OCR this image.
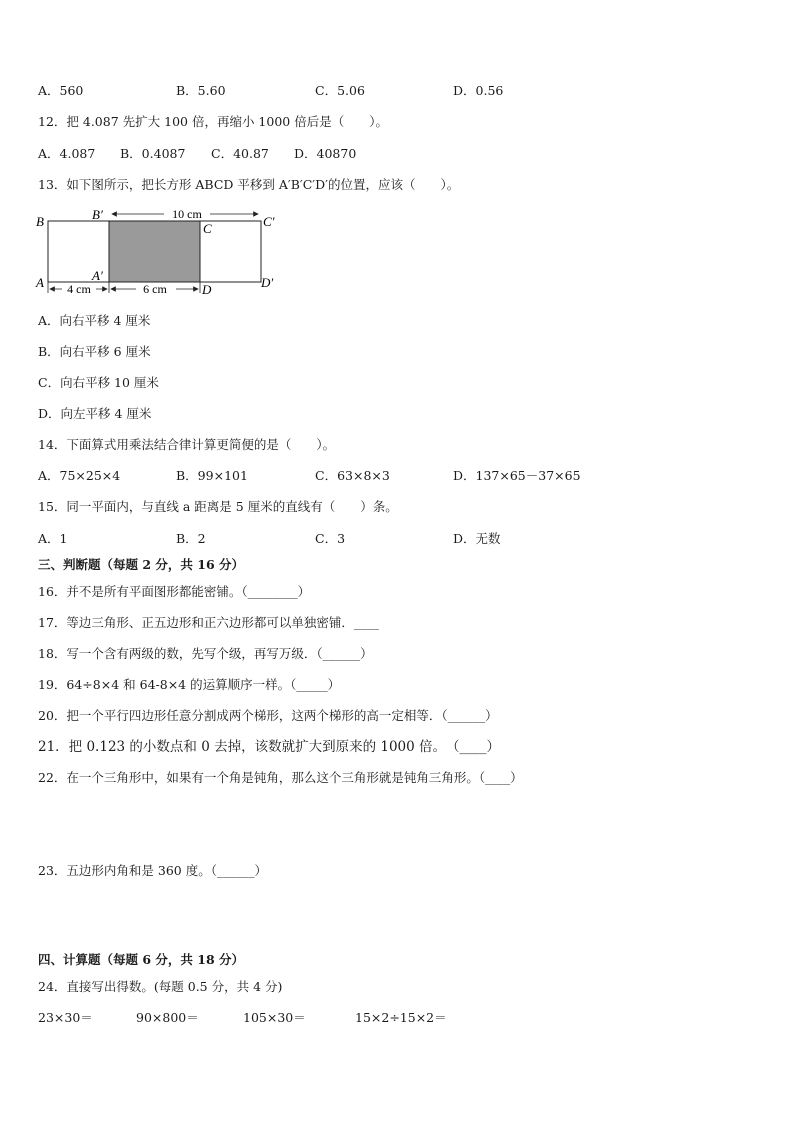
A．560	B．5.60	C．5.06	D．0.56
12．把 4.087 先扩大 100 倍，再缩小 1000 倍后是（　　）。
A．4.087 B．0.4087 C．40.87 D．40870
13．如下图所示，把长方形 ABCD 平移到 A′B′C′D′的位置，应该（　　）。
10 cm
4 cm	6 cm
B	B′
C	C′
A	A′
D	D′
A．向右平移 4 厘米
B．向右平移 6 厘米
C．向右平移 10 厘米
D．向左平移 4 厘米
14．下面算式用乘法结合律计算更简便的是（　　）。
A．75×25×4	B．99×101	C．63×8×3	D．137×65－37×65
15．同一平面内，与直线 a 距离是 5 厘米的直线有（　　）条。
A．1	B．2	C．3	D．无数
三、判断题（每题 2 分，共 16 分）
16．并不是所有平面图形都能密铺。（________）
17．等边三角形、正五边形和正六边形都可以单独密铺．____
18．写一个含有两级的数，先写个级，再写万级．（______）
19．64÷8×4 和 64-8×4 的运算顺序一样。（_____）
20．把一个平行四边形任意分割成两个梯形，这两个梯形的高一定相等．（______）
21．把 0.123 的小数点和 0 去掉，该数就扩大到原来的 1000 倍。　（____）
22．在一个三角形中，如果有一个角是钝角，那么这个三角形就是钝角三角形。（____）
23．五边形内角和是 360 度。（______）
四、计算题（每题 6 分，共 18 分）
24．直接写出得数。(每题 0.5 分，共 4 分)
23×30＝	90×800＝	105×30＝	15×2÷15×2＝
